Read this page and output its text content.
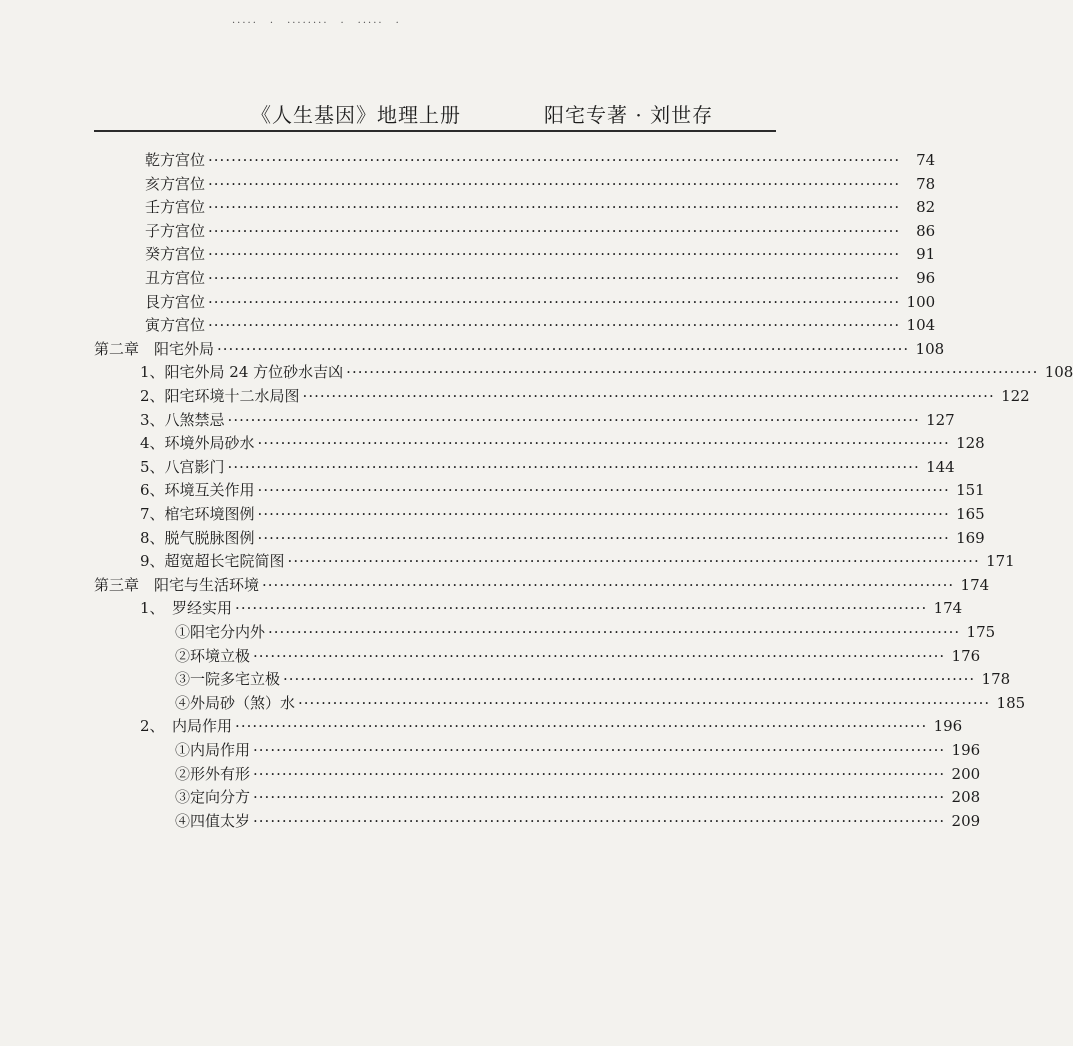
·····　·　········　·　·····　·
《人生基因》地理上册	阳宅专著 · 刘世存
乾方宫位 ························································································································	74
亥方宫位 ························································································································	78
壬方宫位 ························································································································	82
子方宫位 ························································································································	86
癸方宫位 ························································································································	91
丑方宫位 ························································································································	96
艮方宫位 ························································································································ 100
寅方宫位 ························································································································ 104
第二章　阳宅外局 ························································································································ 108
1、阳宅外局 24 方位砂水吉凶 ························································································································ 108
2、阳宅环境十二水局图 ························································································································ 122
3、八煞禁忌 ························································································································ 127
4、环境外局砂水 ························································································································ 128
5、八宫影门 ························································································································ 144
6、环境互关作用 ························································································································ 151
7、棺宅环境图例 ························································································································ 165
8、脱气脱脉图例 ························································································································ 169
9、超宽超长宅院简图 ························································································································ 171
第三章　阳宅与生活环境 ························································································································ 174
1、　罗经实用 ························································································································ 174
①阳宅分内外 ························································································································ 175
②环境立极 ························································································································ 176
③一院多宅立极 ························································································································ 178
④外局砂（煞）水 ························································································································ 185
2、　内局作用 ························································································································ 196
①内局作用 ························································································································ 196
②形外有形 ························································································································ 200
③定向分方 ························································································································ 208
④四值太岁 ························································································································ 209
